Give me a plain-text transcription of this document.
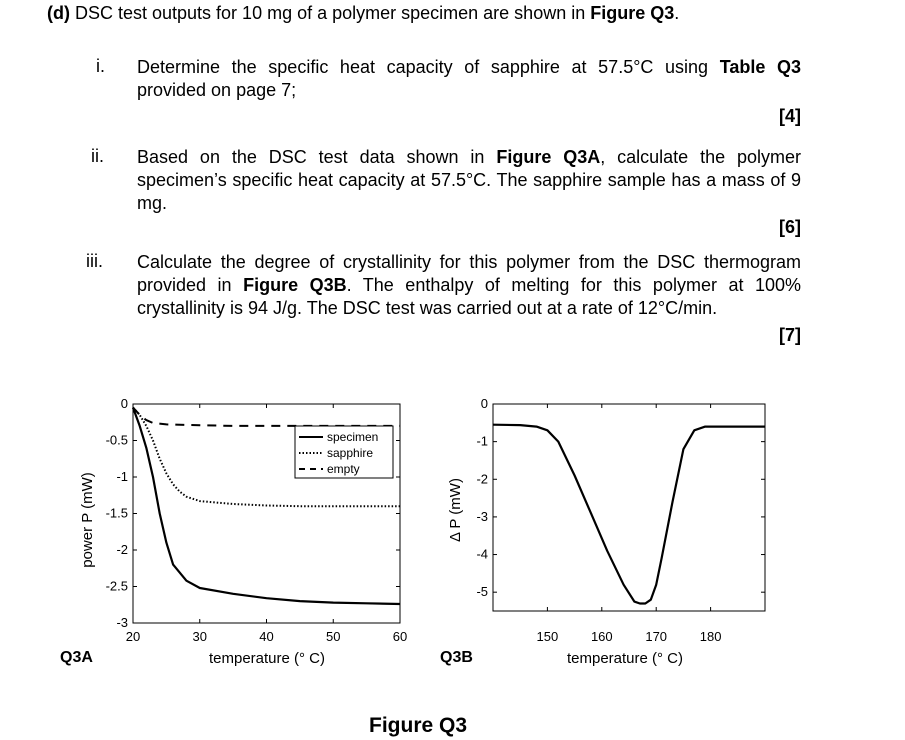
(d) DSC test outputs for 10 mg of a polymer specimen are shown in Figure Q3.
i. Determine the specific heat capacity of sapphire at 57.5°C using Table Q3 provided on page 7;
[4]
ii. Based on the DSC test data shown in Figure Q3A, calculate the polymer specimen’s specific heat capacity at 57.5°C. The sapphire sample has a mass of 9 mg.
[6]
iii. Calculate the degree of crystallinity for this polymer from the DSC thermogram provided in Figure Q3B. The enthalpy of melting for this polymer at 100% crystallinity is 94 J/g. The DSC test was carried out at a rate of 12°C/min.
[7]
0
-0.5
-1
-1.5
-2
-2.5
-3
20	30	40	50	60
temperature (° C)
power P (mW)
specimen
sapphire
empty
0
-1
-2
-3
-4
-5
150	160	170	180
temperature (° C)
Δ P (mW)
Q3A	Q3B
Figure Q3
